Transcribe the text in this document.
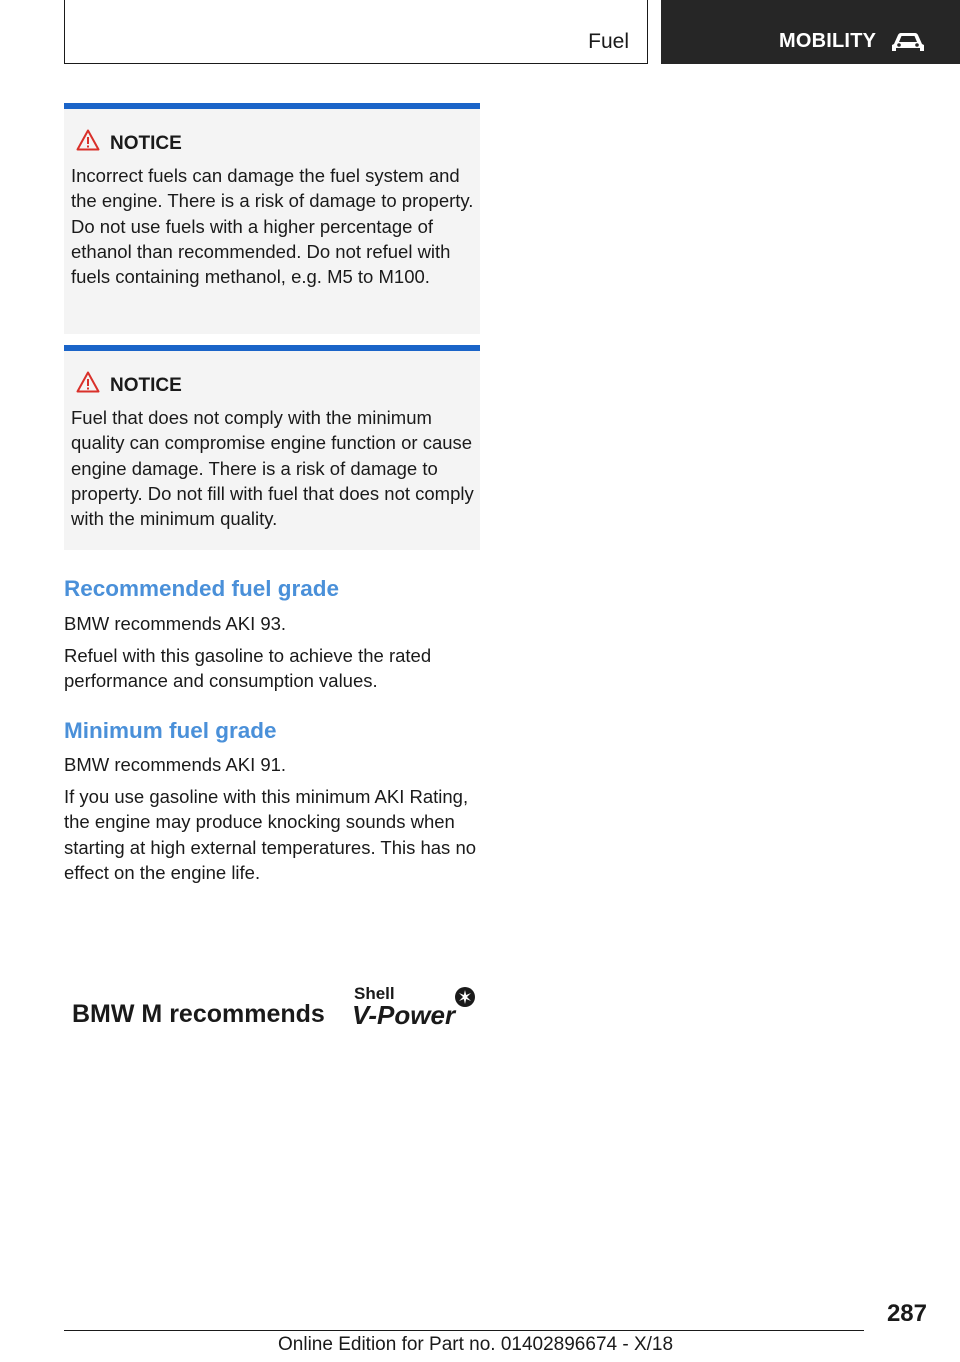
Fuel	MOBILITY
NOTICE
Incorrect fuels can damage the fuel system and the engine. There is a risk of damage to property. Do not use fuels with a higher percentage of ethanol than recommended. Do not refuel with fuels containing methanol, e.g. M5 to M100.
NOTICE
Fuel that does not comply with the minimum quality can compromise engine function or cause engine damage. There is a risk of damage to property. Do not fill with fuel that does not comply with the minimum quality.
Recommended fuel grade
BMW recommends AKI 93.
Refuel with this gasoline to achieve the rated performance and consumption values.
Minimum fuel grade
BMW recommends AKI 91.
If you use gasoline with this minimum AKI Rating, the engine may produce knocking sounds when starting at high external temperatures. This has no effect on the engine life.
BMW M recommends
Shell
V-Power
287
Online Edition for Part no. 01402896674 - X/18
